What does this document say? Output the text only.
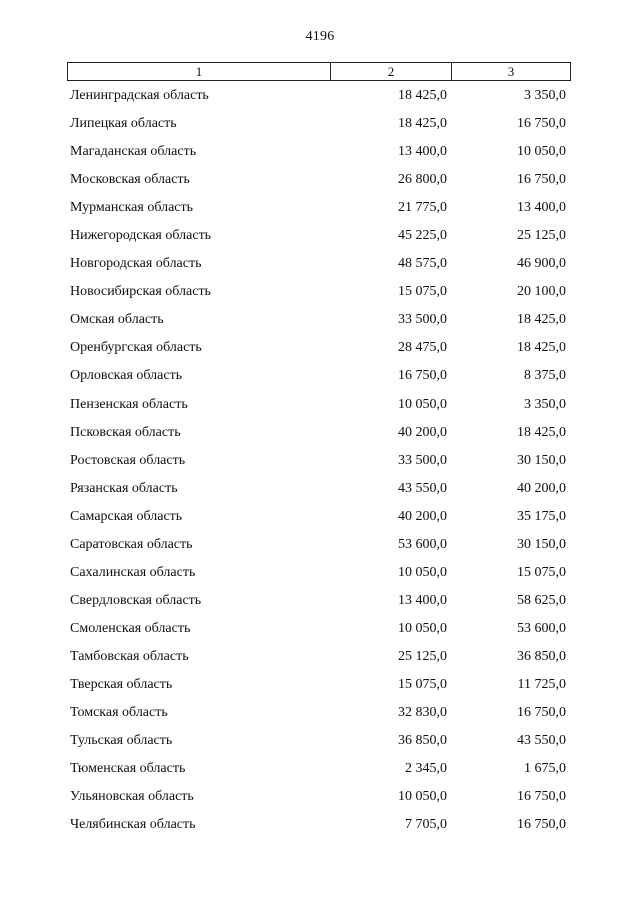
4196
1	2	3
Ленинградская область	18 425,0	3 350,0
Липецкая область	18 425,0	16 750,0
Магаданская область	13 400,0	10 050,0
Московская область	26 800,0	16 750,0
Мурманская область	21 775,0	13 400,0
Нижегородская область	45 225,0	25 125,0
Новгородская область	48 575,0	46 900,0
Новосибирская область	15 075,0	20 100,0
Омская область	33 500,0	18 425,0
Оренбургская область	28 475,0	18 425,0
Орловская область	16 750,0	8 375,0
Пензенская область	10 050,0	3 350,0
Псковская область	40 200,0	18 425,0
Ростовская область	33 500,0	30 150,0
Рязанская область	43 550,0	40 200,0
Самарская область	40 200,0	35 175,0
Саратовская область	53 600,0	30 150,0
Сахалинская область	10 050,0	15 075,0
Свердловская область	13 400,0	58 625,0
Смоленская область	10 050,0	53 600,0
Тамбовская область	25 125,0	36 850,0
Тверская область	15 075,0	11 725,0
Томская область	32 830,0	16 750,0
Тульская область	36 850,0	43 550,0
Тюменская область	2 345,0	1 675,0
Ульяновская область	10 050,0	16 750,0
Челябинская область	7 705,0	16 750,0
